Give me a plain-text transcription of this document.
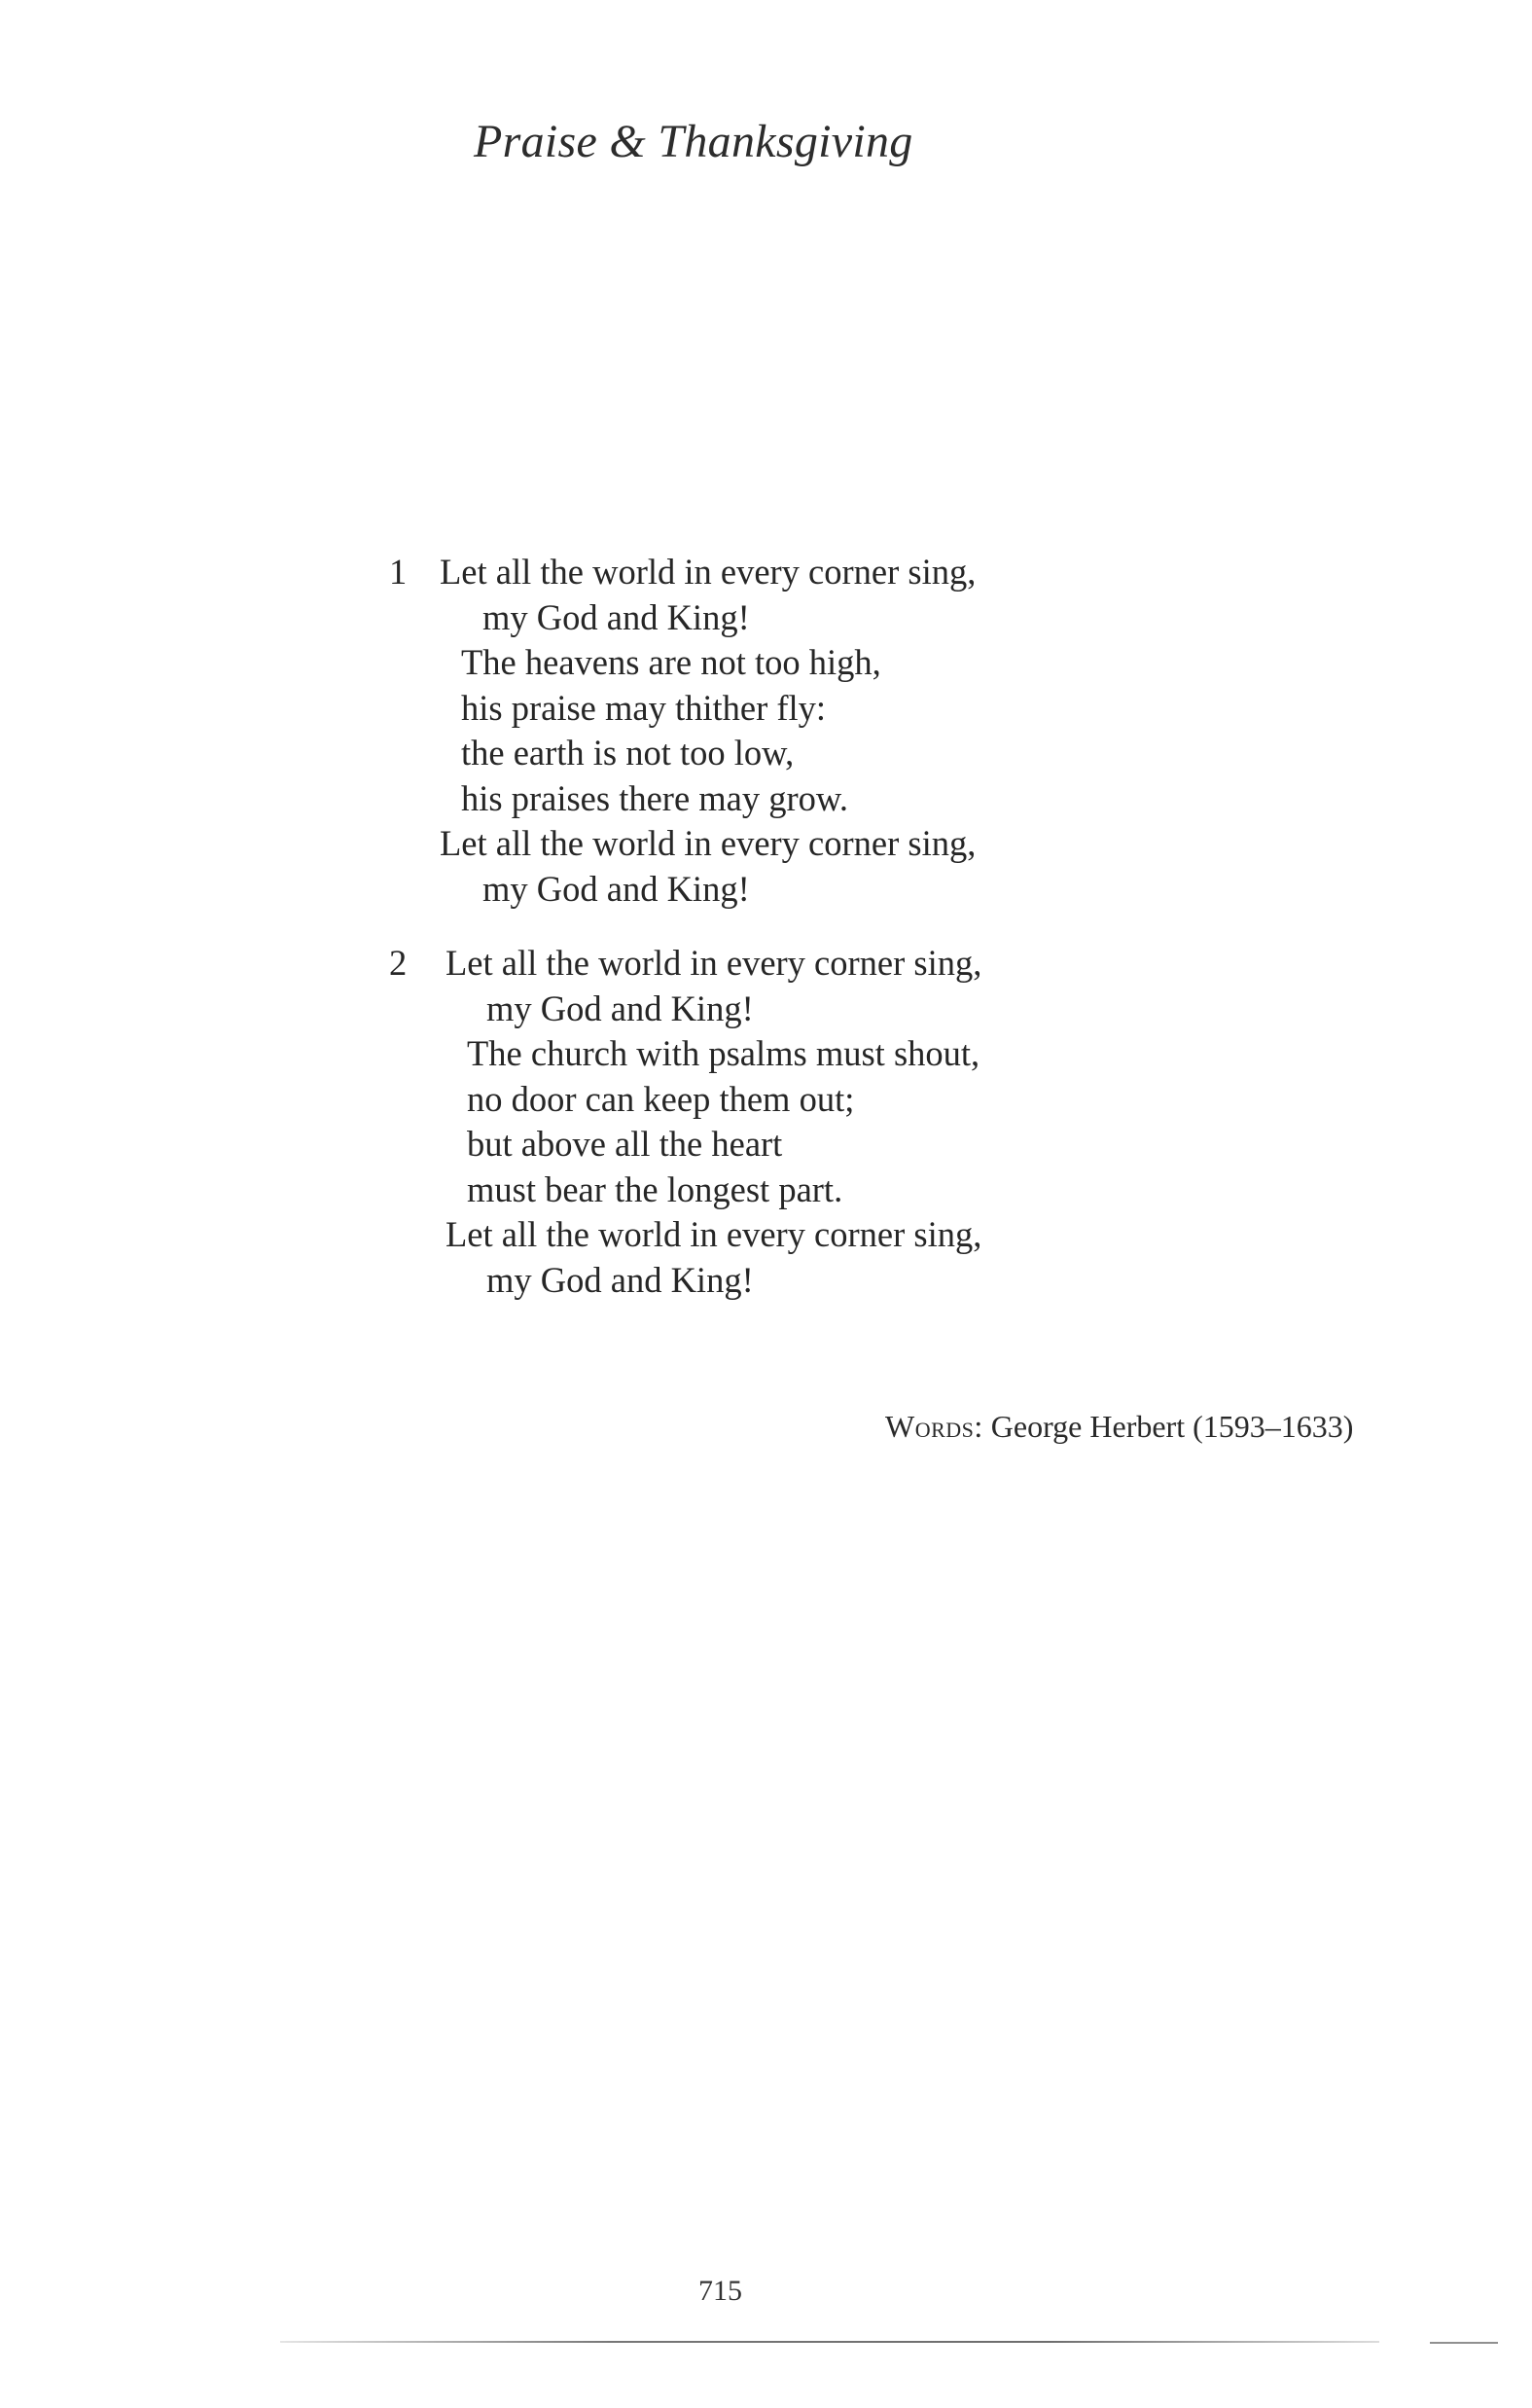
Praise & Thanksgiving
1 Let all the world in every corner sing,
my God and King!
The heavens are not too high,
his praise may thither fly:
the earth is not too low,
his praises there may grow.
Let all the world in every corner sing,
my God and King!
2	Let all the world in every corner sing,
my God and King!
The church with psalms must shout,
no door can keep them out;
but above all the heart
must bear the longest part.
Let all the world in every corner sing,
my God and King!
Words: George Herbert (1593–1633)
715
